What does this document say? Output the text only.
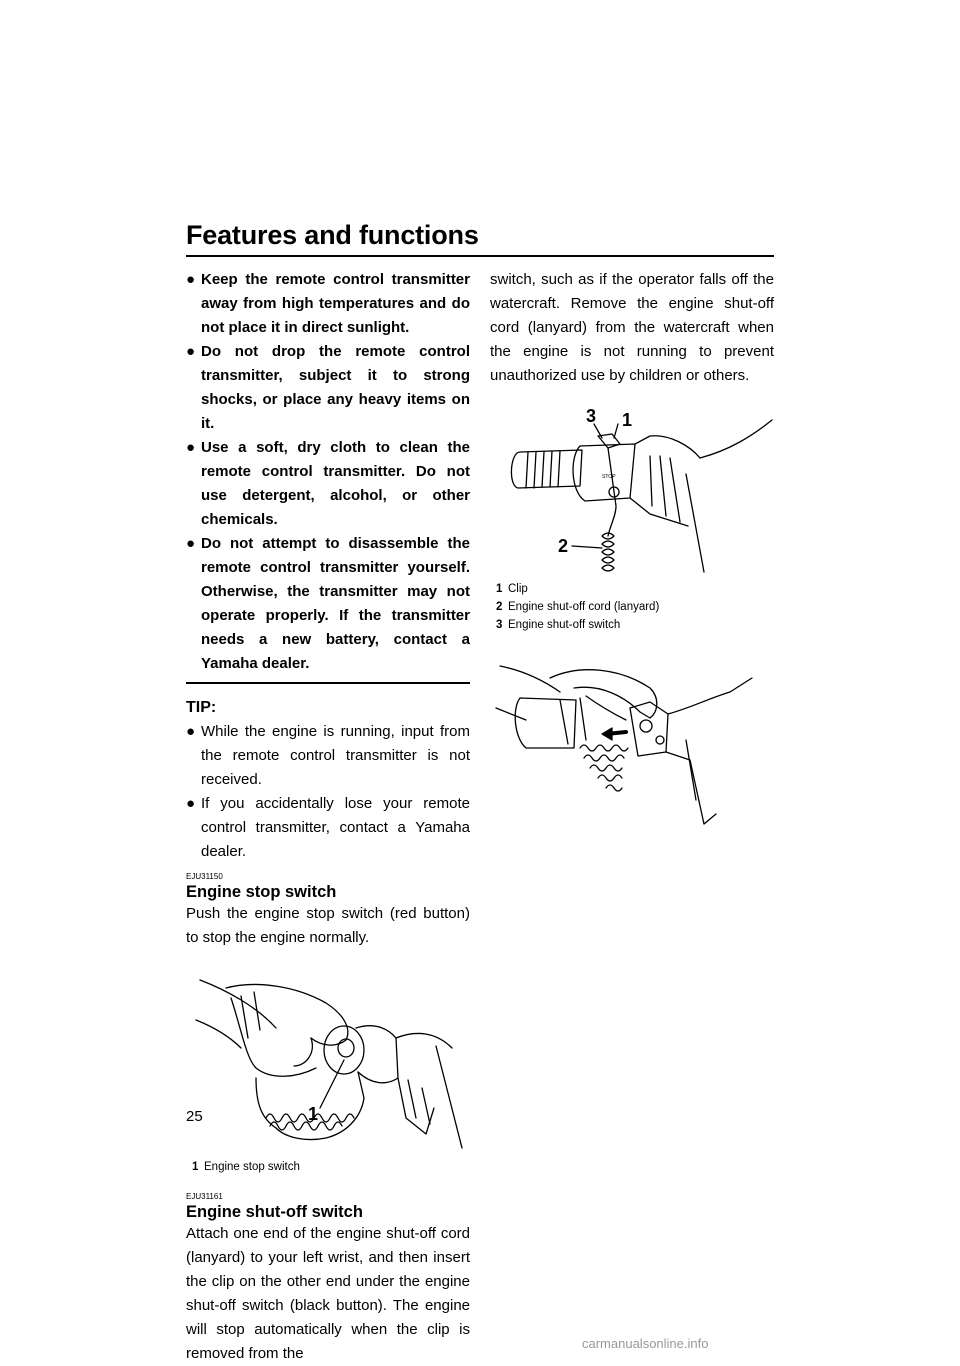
Features and functions
● Keep the remote control transmitter away from high temperatures and do not place it in direct sunlight.
● Do not drop the remote control transmitter, subject it to strong shocks, or place any heavy items on it.
● Use a soft, dry cloth to clean the remote control transmitter. Do not use detergent, alcohol, or other chemicals.
● Do not attempt to disassemble the remote control transmitter yourself. Otherwise, the transmitter may not operate properly. If the transmitter needs a new battery, contact a Yamaha dealer.

TIP:

● While the engine is running, input from the remote control transmitter is not received.
● If you accidentally lose your remote control transmitter, contact a Yamaha dealer.
EJU31150
Engine stop switch

Push the engine stop switch (red button) to stop the engine normally.

1
1 Engine stop switch
EJU31161
Engine shut-off switch

Attach one end of the engine shut-off cord (lanyard) to your left wrist, and then insert the clip on the other end under the engine shut-off switch (black button). The engine will stop automatically when the clip is removed from the

switch, such as if the operator falls off the watercraft. Remove the engine shut-off cord (lanyard) from the watercraft when the engine is not running to prevent unauthorized use by children or others.

STOP
3 1
2
1 Clip
2 Engine shut-off cord (lanyard)
3 Engine shut-off switch
25
carmanualsonline.info
